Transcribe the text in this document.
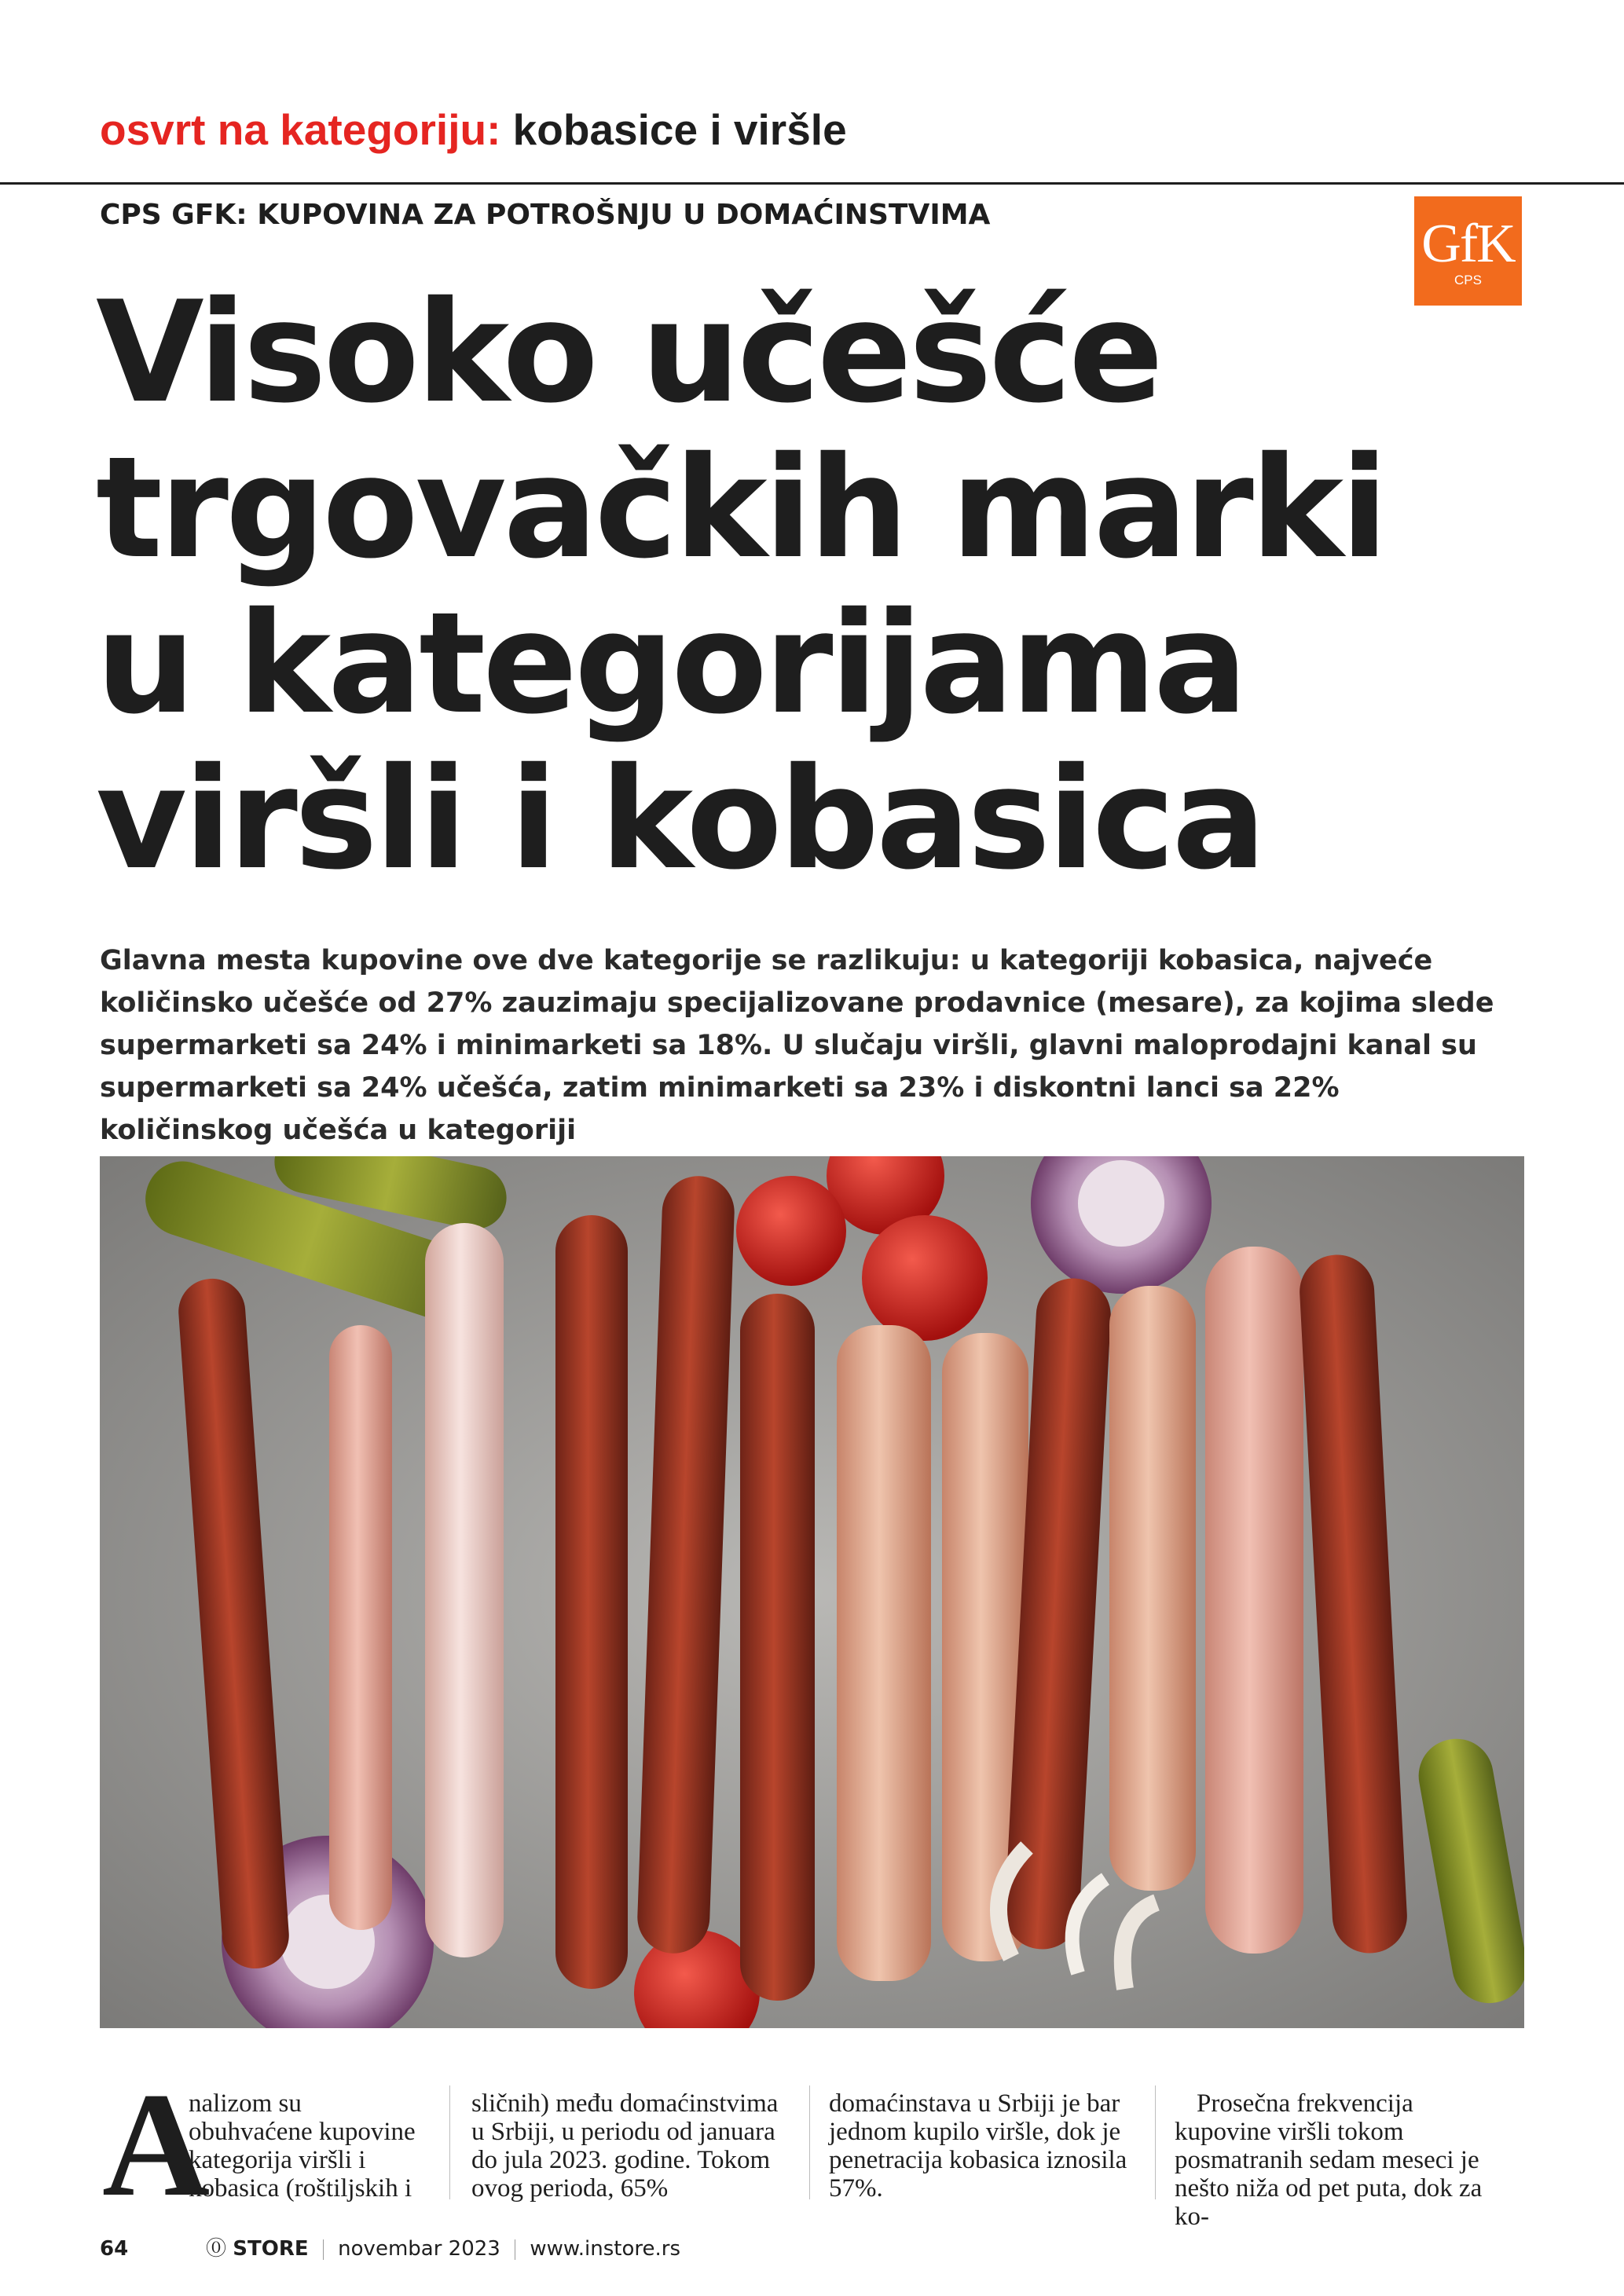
osvrt na kategoriju: kobasice i viršle
CPS GFK: KUPOVINA ZA POTROŠNJU U DOMAĆINSTVIMA	GfK
CPS
Visoko učešće
trgovačkih marki
u kategorijama
viršli i kobasica

Glavna mesta kupovine ove dve kategorije se razlikuju: u kategoriji kobasica, najveće količinsko učešće od 27% zauzimaju specijalizovane prodavnice (mesare), za kojima slede supermarketi sa 24% i minimarketi sa 18%. U slučaju viršli, glavni maloprodajni kanal su supermarketi sa 24% učešća, zatim minimarketi sa 23% i diskontni lanci sa 22% količinskog učešća u kategoriji

A

nalizom su obuhvaćene kupovine kategorija viršli i kobasica (roštiljskih i

sličnih) među domaćinstvima u Srbiji, u periodu od januara do jula 2023. godine. Tokom ovog perioda, 65%

domaćinstava u Srbiji je bar jednom kupilo viršle, dok je penetracija kobasica iznosila 57%.

Prosečna frekvencija kupovine viršli tokom posmatranih sedam meseci je nešto niža od pet puta, dok za ko-

64	⓪ STORE novembar 2023 www.instore.rs
